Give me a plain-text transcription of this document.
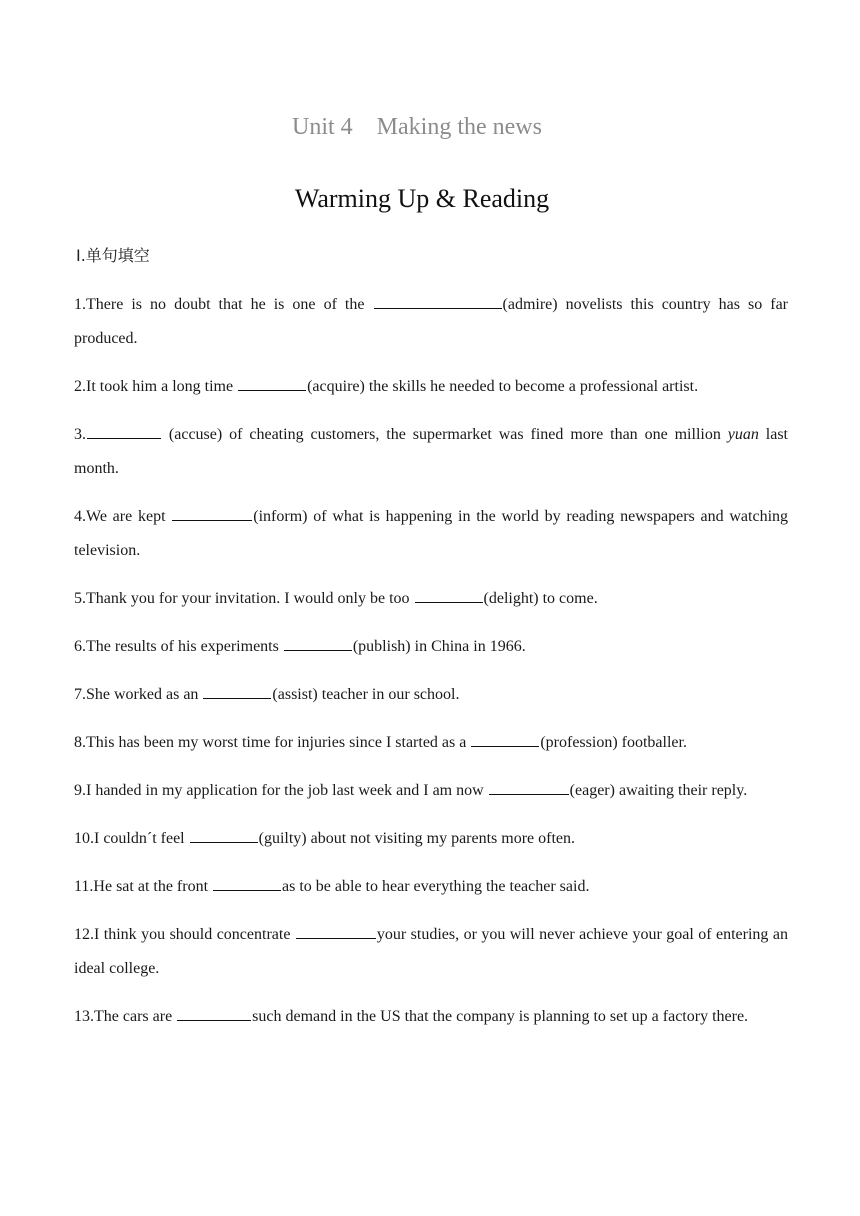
Unit 4    Making the news
Warming Up & Reading
Ⅰ.单句填空

1.There is no doubt that he is one of the	(admire) novelists this country has so far produced.

2.It took him a long time	(acquire) the skills he needed to become a professional artist.

3.	(accuse) of cheating customers, the supermarket was fined more than one million yuan last month.

4.We are kept	(inform) of what is happening in the world by reading newspapers and watching television.

5.Thank you for your invitation. I would only be too	(delight) to come.

6.The results of his experiments	(publish) in China in 1966.

7.She worked as an	(assist) teacher in our school.

8.This has been my worst time for injuries since I started as a	(profession) footballer.

9.I handed in my application for the job last week and I am now	(eager) awaiting their reply.

10.I couldn´t feel	(guilty) about not visiting my parents more often.

11.He sat at the front	as to be able to hear everything the teacher said.

12.I think you should concentrate	your studies, or you will never achieve your goal of entering an ideal college.

13.The cars are	such demand in the US that the company is planning to set up a factory there.
